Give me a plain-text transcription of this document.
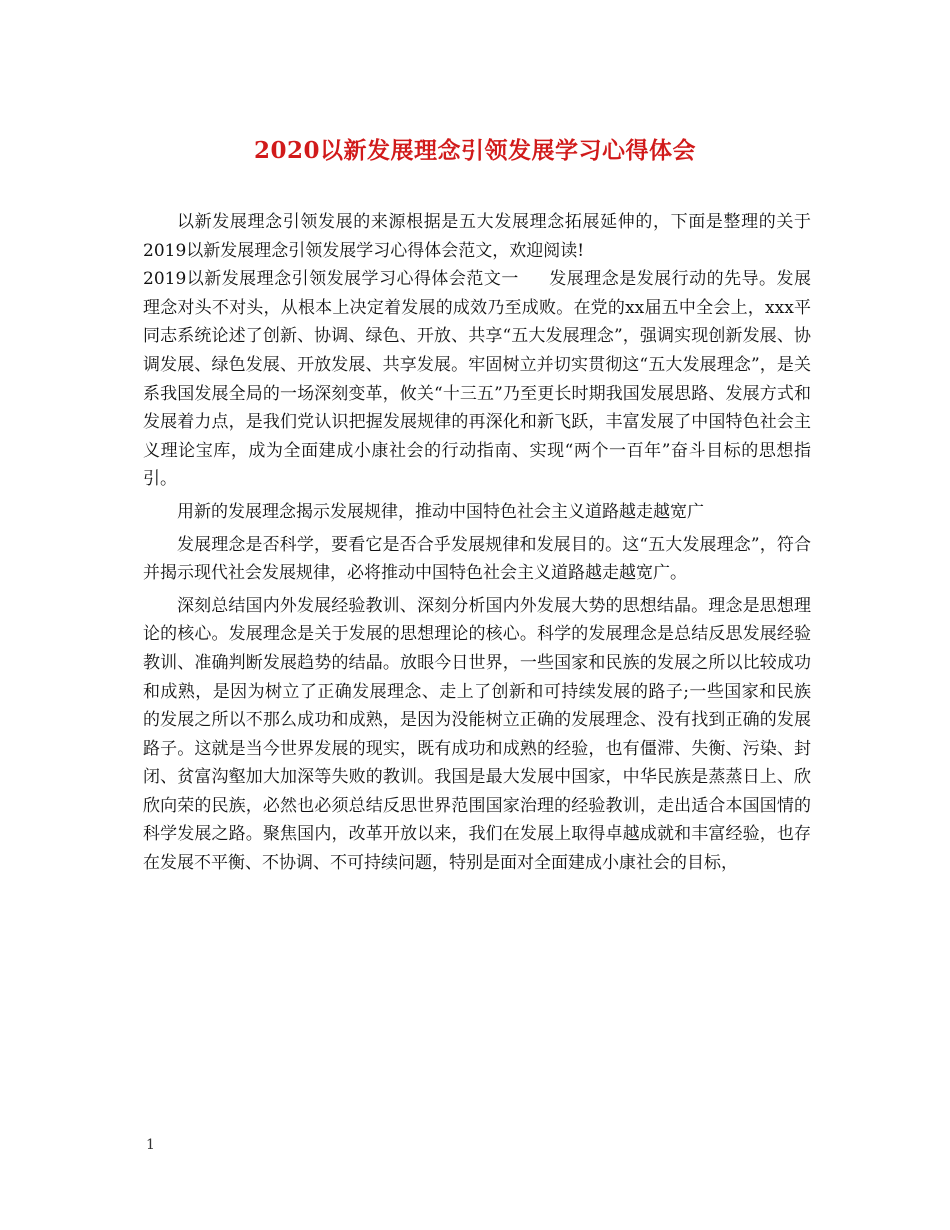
2020以新发展理念引领发展学习心得体会

以新发展理念引领发展的来源根据是五大发展理念拓展延伸的，下面是整理的关于2019以新发展理念引领发展学习心得体会范文，欢迎阅读!

2019以新发展理念引领发展学习心得体会范文一 发展理念是发展行动的先导。发展理念对头不对头，从根本上决定着发展的成效乃至成败。在党的xx届五中全会上，xxx平同志系统论述了创新、协调、绿色、开放、共享“五大发展理念”，强调实现创新发展、协调发展、绿色发展、开放发展、共享发展。牢固树立并切实贯彻这“五大发展理念”，是关系我国发展全局的一场深刻变革，攸关“十三五”乃至更长时期我国发展思路、发展方式和发展着力点，是我们党认识把握发展规律的再深化和新飞跃，丰富发展了中国特色社会主义理论宝库，成为全面建成小康社会的行动指南、实现“两个一百年”奋斗目标的思想指引。

用新的发展理念揭示发展规律，推动中国特色社会主义道路越走越宽广

发展理念是否科学，要看它是否合乎发展规律和发展目的。这“五大发展理念”，符合并揭示现代社会发展规律，必将推动中国特色社会主义道路越走越宽广。

深刻总结国内外发展经验教训、深刻分析国内外发展大势的思想结晶。理念是思想理论的核心。发展理念是关于发展的思想理论的核心。科学的发展理念是总结反思发展经验教训、准确判断发展趋势的结晶。放眼今日世界，一些国家和民族的发展之所以比较成功和成熟，是因为树立了正确发展理念、走上了创新和可持续发展的路子;一些国家和民族的发展之所以不那么成功和成熟，是因为没能树立正确的发展理念、没有找到正确的发展路子。这就是当今世界发展的现实，既有成功和成熟的经验，也有僵滞、失衡、污染、封闭、贫富沟壑加大加深等失败的教训。我国是最大发展中国家，中华民族是蒸蒸日上、欣欣向荣的民族，必然也必须总结反思世界范围国家治理的经验教训，走出适合本国国情的科学发展之路。聚焦国内，改革开放以来，我们在发展上取得卓越成就和丰富经验，也存在发展不平衡、不协调、不可持续问题，特别是面对全面建成小康社会的目标，

1
